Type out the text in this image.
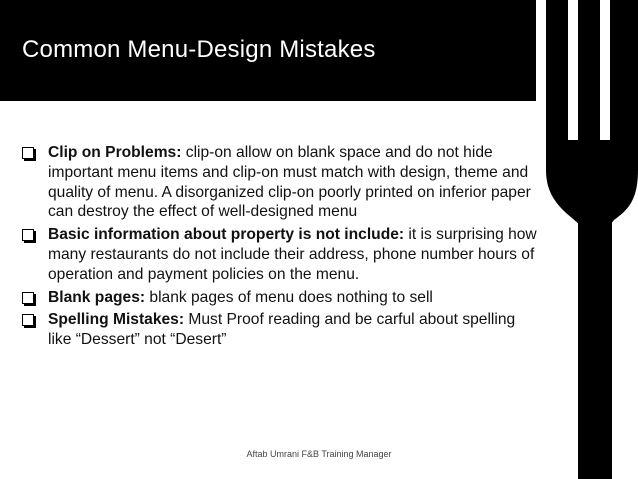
Common Menu-Design Mistakes
Clip on Problems: clip-on allow on blank space and do not hide important menu items and clip-on must match with design, theme and quality of menu. A disorganized clip-on poorly printed on inferior paper can destroy the effect of well-designed menu
Basic information about property is not include: it is surprising how many restaurants do not include their address, phone number hours of operation and payment policies on the menu.
Blank pages: blank pages of menu does nothing to sell
Spelling Mistakes: Must Proof reading and be carful about spelling like “Dessert” not “Desert”
Aftab Umrani F&B Training Manager
